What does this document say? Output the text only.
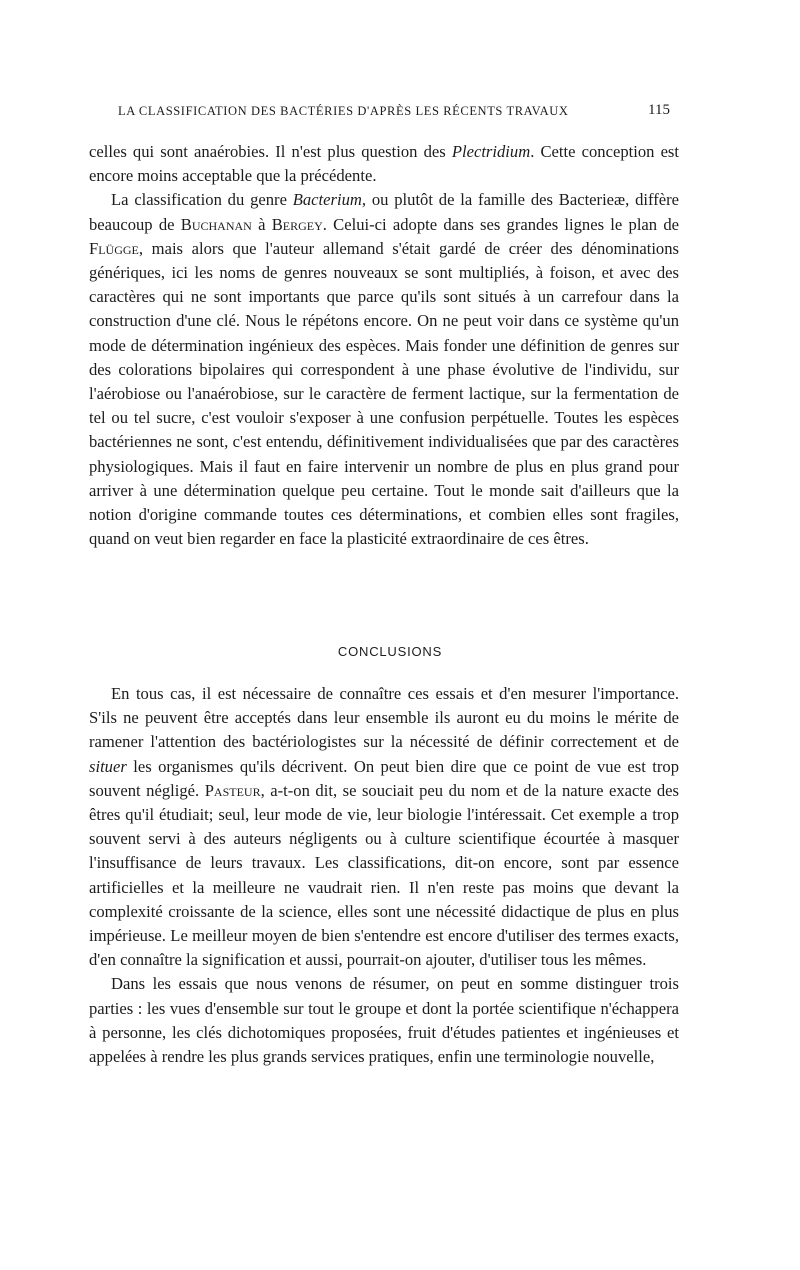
LA CLASSIFICATION DES BACTÉRIES D'APRÈS LES RÉCENTS TRAVAUX	115

celles qui sont anaérobies. Il n'est plus question des Plectridium. Cette conception est encore moins acceptable que la précédente.

La classification du genre Bacterium, ou plutôt de la famille des Bacterieæ, diffère beaucoup de Buchanan à Bergey. Celui-ci adopte dans ses grandes lignes le plan de Flügge, mais alors que l'auteur allemand s'était gardé de créer des dénominations génériques, ici les noms de genres nouveaux se sont multipliés, à foison, et avec des caractères qui ne sont importants que parce qu'ils sont situés à un carrefour dans la construction d'une clé. Nous le répétons encore. On ne peut voir dans ce système qu'un mode de détermination ingénieux des espèces. Mais fonder une définition de genres sur des colorations bipolaires qui correspondent à une phase évolutive de l'individu, sur l'aérobiose ou l'anaérobiose, sur le caractère de ferment lactique, sur la fermentation de tel ou tel sucre, c'est vouloir s'exposer à une confusion perpétuelle. Toutes les espèces bactériennes ne sont, c'est entendu, définitivement individualisées que par des caractères physiologiques. Mais il faut en faire intervenir un nombre de plus en plus grand pour arriver à une détermination quelque peu certaine. Tout le monde sait d'ailleurs que la notion d'origine commande toutes ces déterminations, et combien elles sont fragiles, quand on veut bien regarder en face la plasticité extraordinaire de ces êtres.

CONCLUSIONS

En tous cas, il est nécessaire de connaître ces essais et d'en mesurer l'importance. S'ils ne peuvent être acceptés dans leur ensemble ils auront eu du moins le mérite de ramener l'attention des bactériologistes sur la nécessité de définir correctement et de situer les organismes qu'ils décrivent. On peut bien dire que ce point de vue est trop souvent négligé. Pasteur, a-t-on dit, se souciait peu du nom et de la nature exacte des êtres qu'il étudiait; seul, leur mode de vie, leur biologie l'intéressait. Cet exemple a trop souvent servi à des auteurs négligents ou à culture scientifique écourtée à masquer l'insuffisance de leurs travaux. Les classifications, dit-on encore, sont par essence artificielles et la meilleure ne vaudrait rien. Il n'en reste pas moins que devant la complexité croissante de la science, elles sont une nécessité didactique de plus en plus impérieuse. Le meilleur moyen de bien s'entendre est encore d'utiliser des termes exacts, d'en connaître la signification et aussi, pourrait-on ajouter, d'utiliser tous les mêmes.

Dans les essais que nous venons de résumer, on peut en somme distinguer trois parties : les vues d'ensemble sur tout le groupe et dont la portée scientifique n'échappera à personne, les clés dichotomiques proposées, fruit d'études patientes et ingénieuses et appelées à rendre les plus grands services pratiques, enfin une terminologie nouvelle,
